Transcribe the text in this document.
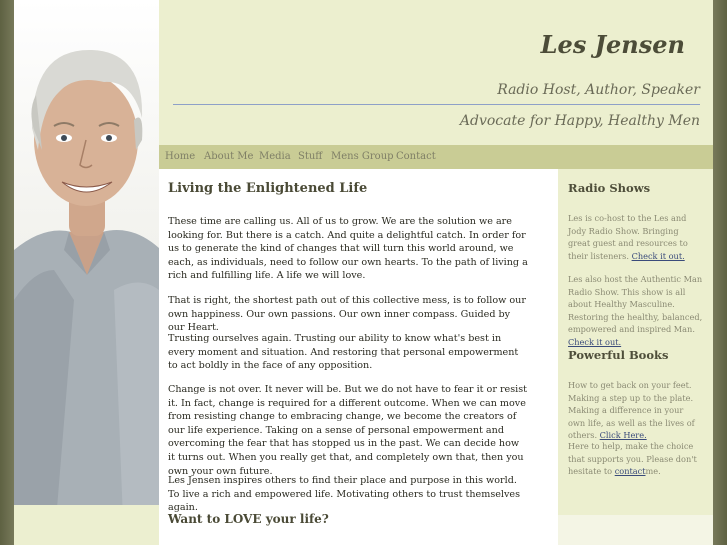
Les Jensen
Radio Host, Author, Speaker
Advocate for Happy, Healthy Men
Home About Me Media Stuff Mens Group Contact
Living the Enlightened Life

These time are calling us. All of us to grow. We are the solution we are looking for. But there is a catch. And quite a delightful catch. In order for us to generate the kind of changes that will turn this world around, we each, as individuals, need to follow our own hearts. To the path of living a rich and fulfilling life. A life we will love.

That is right, the shortest path out of this collective mess, is to follow our own happiness. Our own passions. Our own inner compass. Guided by our Heart.

Trusting ourselves again. Trusting our ability to know what's best in every moment and situation. And restoring that personal empowerment to act boldly in the face of any opposition.

Change is not over. It never will be. But we do not have to fear it or resist it. In fact, change is required for a different outcome. When we can move from resisting change to embracing change, we become the creators of our life experience. Taking on a sense of personal empowerment and overcoming the fear that has stopped us in the past. We can decide how it turns out. When you really get that, and completely own that, then you own your own future.

Les Jensen inspires others to find their place and purpose in this world. To live a rich and empowered life. Motivating others to trust themselves again.

Want to LOVE your life?
Radio Shows

Les is co-host to the Les and Jody Radio Show. Bringing great guest and resources to their listeners. Check it out.

Les also host the Authentic Man Radio Show. This show is all about Healthy Masculine. Restoring the healthy, balanced, empowered and inspired Man. Check it out.

Powerful Books

How to get back on your feet. Making a step up to the plate. Making a difference in your own life, as well as the lives of others. Click Here.

Here to help, make the choice that supports you. Please don't hesitate to contactme.
